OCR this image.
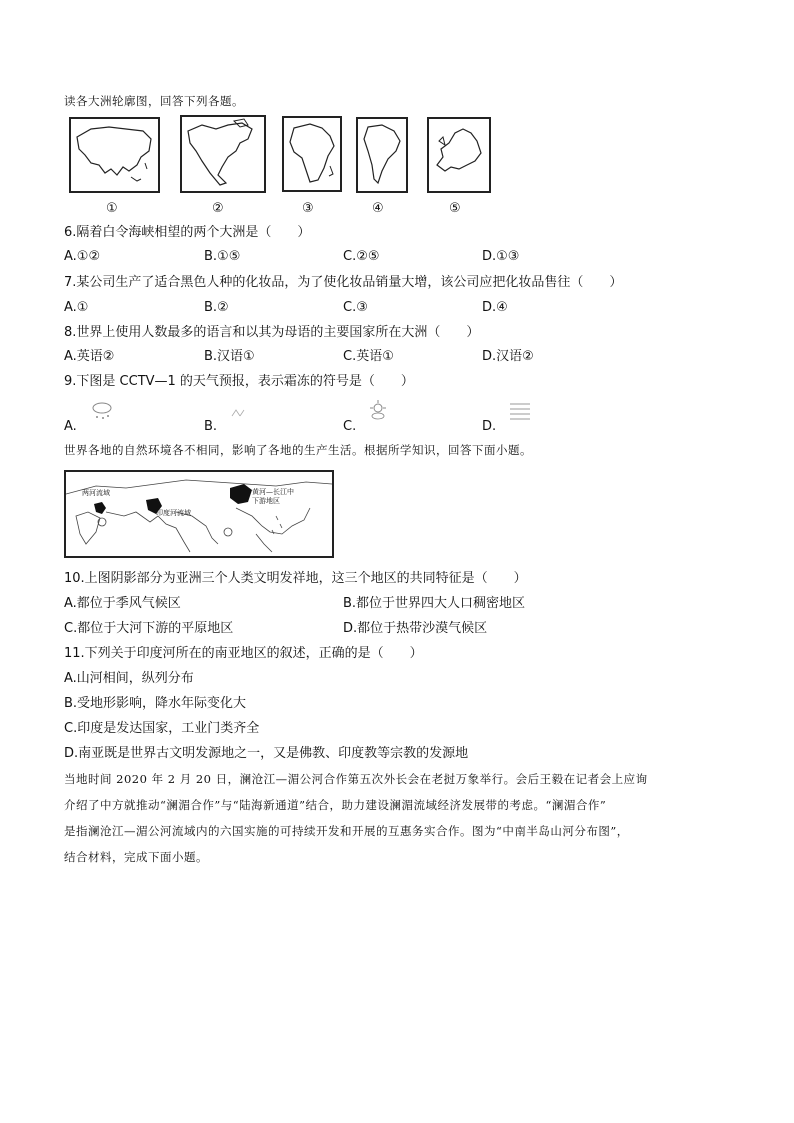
读各大洲轮廓图，回答下列各题。
①	②	③	④	⑤
6.隔着白令海峡相望的两个大洲是（　　）
A.①②	B.①⑤	C.②⑤	D.①③
7.某公司生产了适合黑色人种的化妆品，为了使化妆品销量大增，该公司应把化妆品售往（　　）
A.①	B.②	C.③	D.④
8.世界上使用人数最多的语言和以其为母语的主要国家所在大洲（　　）
A.英语②	B.汉语①	C.英语①	D.汉语②
9.下图是 CCTV—1 的天气预报，表示霜冻的符号是（　　）
A.	B.	C.	D.
世界各地的自然环境各不相同，影响了各地的生产生活。根据所学知识，回答下面小题。
两河流域
印度河流域
黄河—长江中下游地区
10.上图阴影部分为亚洲三个人类文明发祥地，这三个地区的共同特征是（　　）
A.都位于季风气候区	B.都位于世界四大人口稠密地区
C.都位于大河下游的平原地区	D.都位于热带沙漠气候区
11.下列关于印度河所在的南亚地区的叙述，正确的是（　　）
A.山河相间，纵列分布
B.受地形影响，降水年际变化大
C.印度是发达国家，工业门类齐全
D.南亚既是世界古文明发源地之一，又是佛教、印度教等宗教的发源地
当地时间 2020 年 2 月 20 日，澜沧江—湄公河合作第五次外长会在老挝万象举行。会后王毅在记者会上应询
介绍了中方就推动“澜湄合作”与“陆海新通道”结合，助力建设澜湄流域经济发展带的考虑。“澜湄合作”
是指澜沧江—湄公河流域内的六国实施的可持续开发和开展的互惠务实合作。图为“中南半岛山河分布图”，
结合材料，完成下面小题。
